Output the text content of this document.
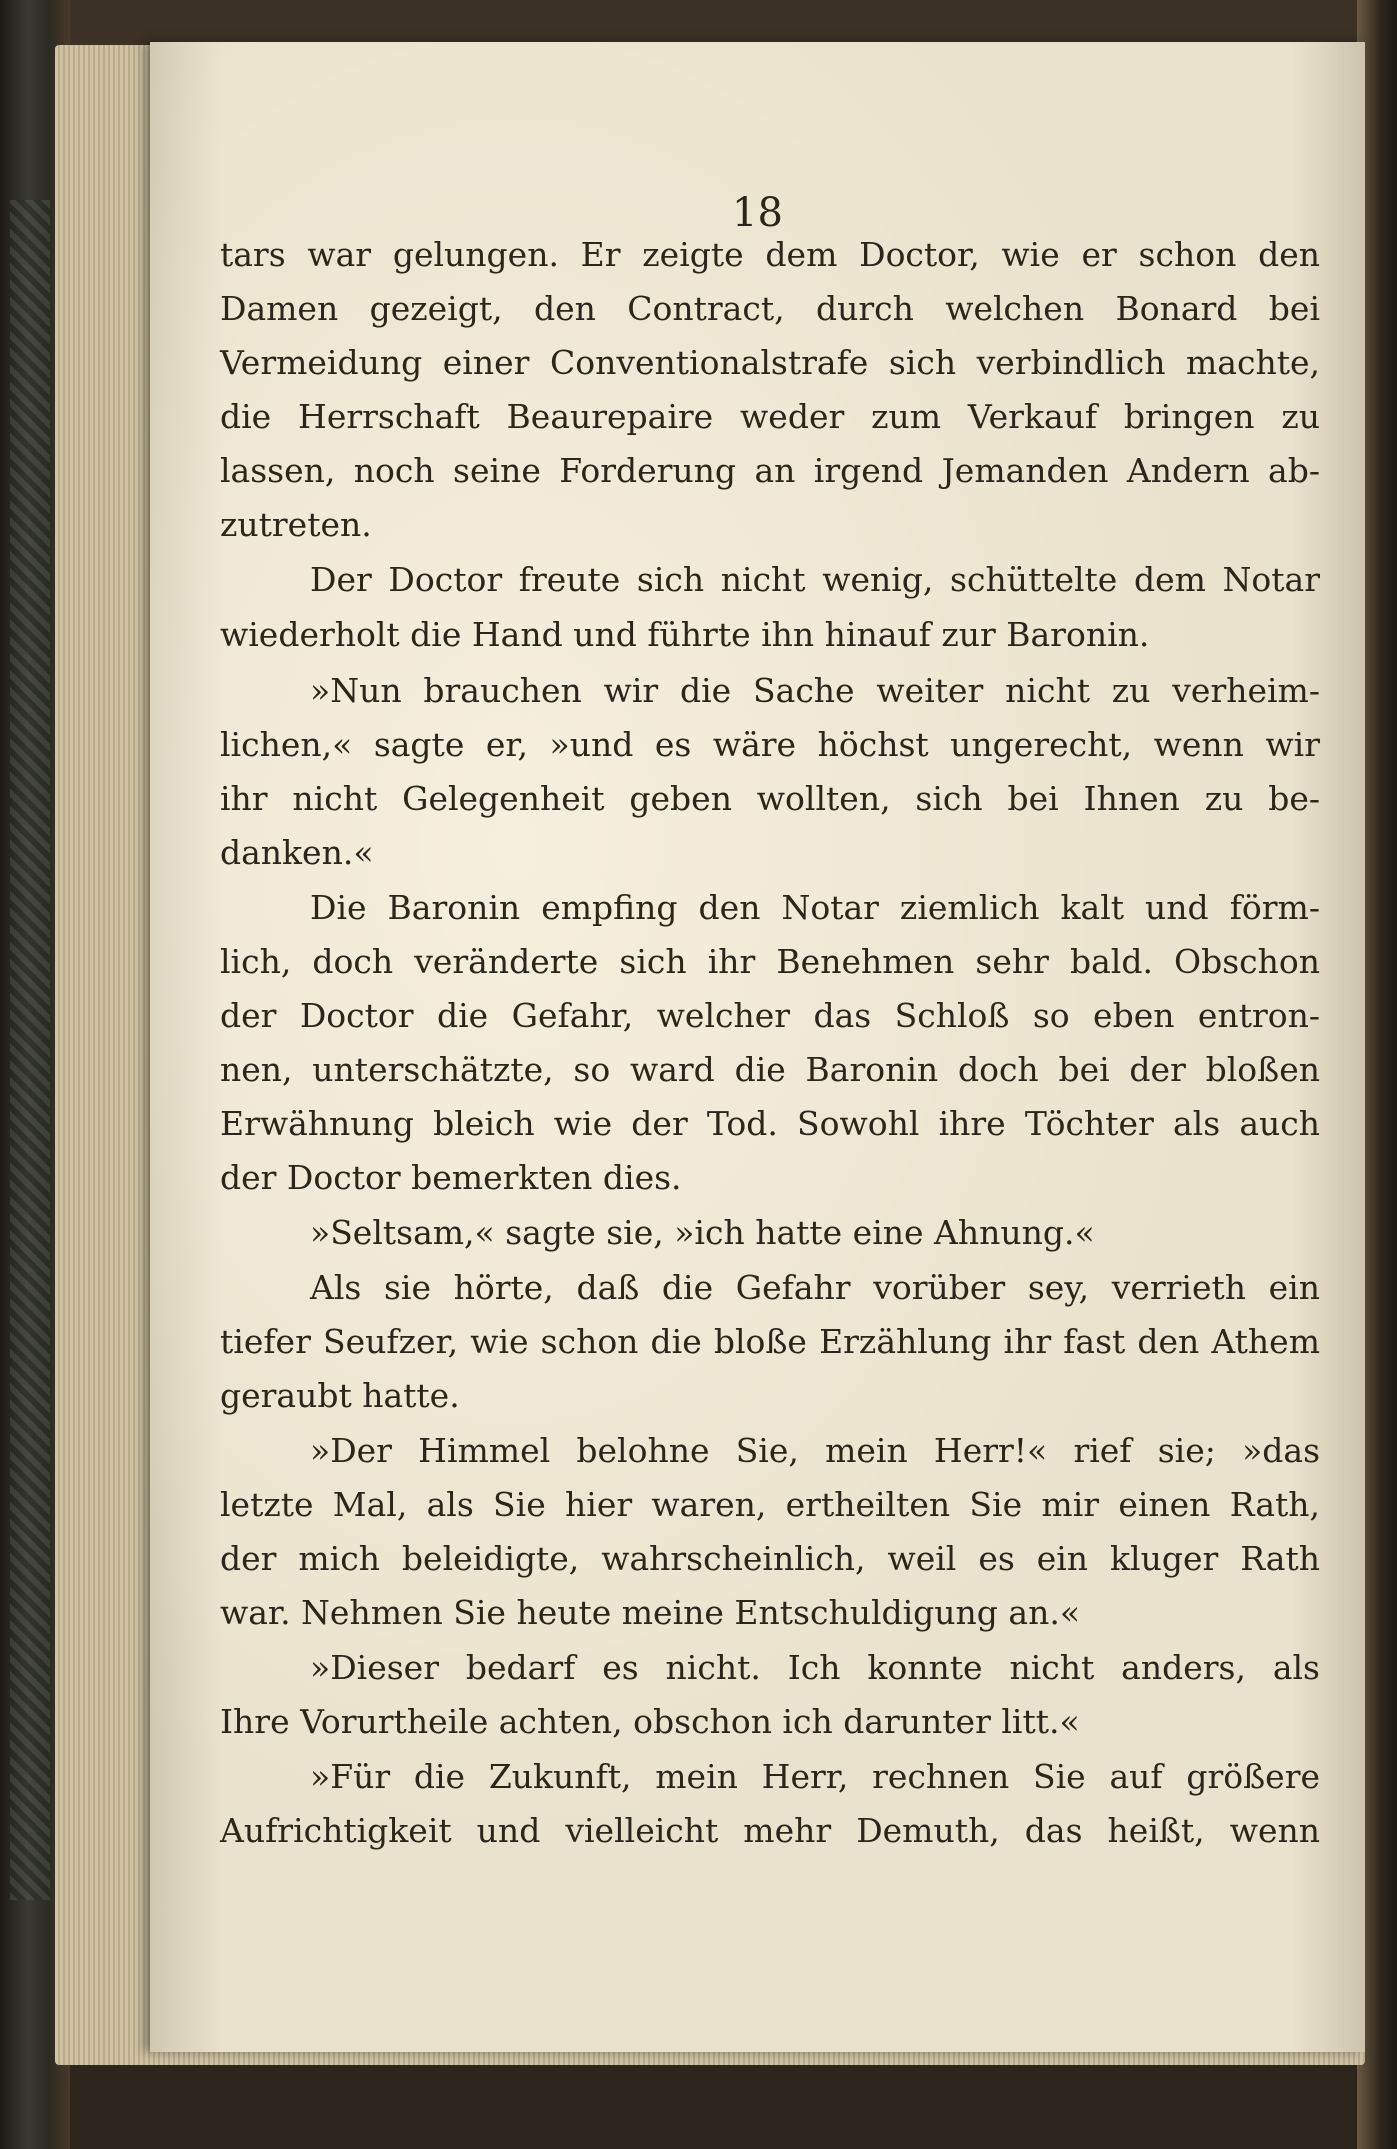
18
tars war gelungen. Er zeigte dem Doctor, wie er schon den
Damen gezeigt, den Contract, durch welchen Bonard bei
Vermeidung einer Conventionalstrafe sich verbindlich machte,
die Herrschaft Beaurepaire weder zum Verkauf bringen zu
lassen, noch seine Forderung an irgend Jemanden Andern ab-
zutreten.
Der Doctor freute sich nicht wenig, schüttelte dem Notar
wiederholt die Hand und führte ihn hinauf zur Baronin.
»Nun brauchen wir die Sache weiter nicht zu verheim-
lichen,« sagte er, »und es wäre höchst ungerecht, wenn wir
ihr nicht Gelegenheit geben wollten, sich bei Ihnen zu be-
danken.«
Die Baronin empfing den Notar ziemlich kalt und förm-
lich, doch veränderte sich ihr Benehmen sehr bald. Obschon
der Doctor die Gefahr, welcher das Schloß so eben entron-
nen, unterschätzte, so ward die Baronin doch bei der bloßen
Erwähnung bleich wie der Tod. Sowohl ihre Töchter als auch
der Doctor bemerkten dies.
»Seltsam,« sagte sie, »ich hatte eine Ahnung.«
Als sie hörte, daß die Gefahr vorüber sey, verrieth ein
tiefer Seufzer, wie schon die bloße Erzählung ihr fast den Athem
geraubt hatte.
»Der Himmel belohne Sie, mein Herr!« rief sie; »das
letzte Mal, als Sie hier waren, ertheilten Sie mir einen Rath,
der mich beleidigte, wahrscheinlich, weil es ein kluger Rath
war. Nehmen Sie heute meine Entschuldigung an.«
»Dieser bedarf es nicht. Ich konnte nicht anders, als
Ihre Vorurtheile achten, obschon ich darunter litt.«
»Für die Zukunft, mein Herr, rechnen Sie auf größere
Aufrichtigkeit und vielleicht mehr Demuth, das heißt, wenn
